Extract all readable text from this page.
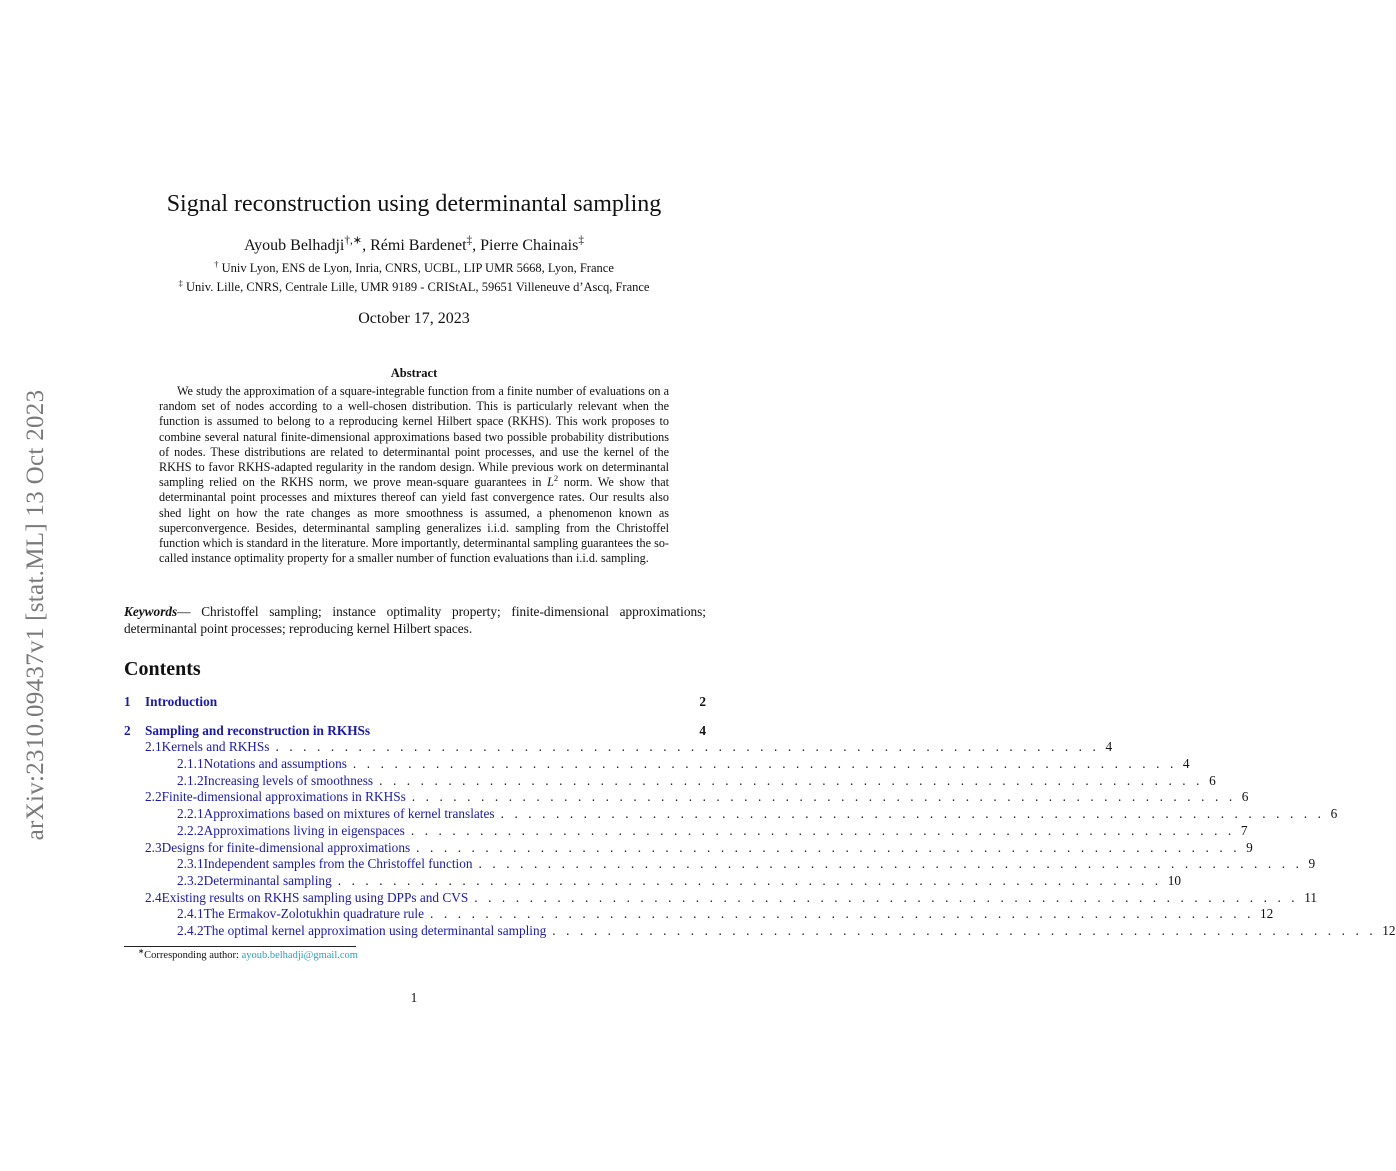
arXiv:2310.09437v1 [stat.ML] 13 Oct 2023
Signal reconstruction using determinantal sampling
Ayoub Belhadji†,∗, Rémi Bardenet‡, Pierre Chainais‡
† Univ Lyon, ENS de Lyon, Inria, CNRS, UCBL, LIP UMR 5668, Lyon, France
‡ Univ. Lille, CNRS, Centrale Lille, UMR 9189 - CRIStAL, 59651 Villeneuve d’Ascq, France
October 17, 2023
Abstract
We study the approximation of a square-integrable function from a finite number of evaluations on a random set of nodes according to a well-chosen distribution. This is particularly relevant when the function is assumed to belong to a reproducing kernel Hilbert space (RKHS). This work proposes to combine several natural finite-dimensional approximations based two possible probability distributions of nodes. These distributions are related to determinantal point processes, and use the kernel of the RKHS to favor RKHS-adapted regularity in the random design. While previous work on determinantal sampling relied on the RKHS norm, we prove mean-square guarantees in $L^2$ norm. We show that determinantal point processes and mixtures thereof can yield fast convergence rates. Our results also shed light on how the rate changes as more smoothness is assumed, a phenomenon known as superconvergence. Besides, determinantal sampling generalizes i.i.d. sampling from the Christoffel function which is standard in the literature. More importantly, determinantal sampling guarantees the so-called instance optimality property for a smaller number of function evaluations than i.i.d. sampling.
Keywords— Christoffel sampling; instance optimality property; finite-dimensional approximations; determinantal point processes; reproducing kernel Hilbert spaces.
Contents
1	Introduction	2
2	Sampling and reconstruction in RKHSs	4
2.1 Kernels and RKHSs . . . . . . . . . . . . . . . . . . . . . . . . . . . . . . . . . . . . . . . . . . . . . . . . . . . . . . . . . . . . 4
2.1.1 Notations and assumptions . . . . . . . . . . . . . . . . . . . . . . . . . . . . . . . . . . . . . . . . . . . . . . . . . . . . . . . . . . . . 4
2.1.2 Increasing levels of smoothness . . . . . . . . . . . . . . . . . . . . . . . . . . . . . . . . . . . . . . . . . . . . . . . . . . . . . . . . . . . . 6
2.2 Finite-dimensional approximations in RKHSs . . . . . . . . . . . . . . . . . . . . . . . . . . . . . . . . . . . . . . . . . . . . . . . . . . . . . . . . . . . . 6
2.2.1 Approximations based on mixtures of kernel translates . . . . . . . . . . . . . . . . . . . . . . . . . . . . . . . . . . . . . . . . . . . . . . . . . . . . . . . . . . . . 6
2.2.2 Approximations living in eigenspaces . . . . . . . . . . . . . . . . . . . . . . . . . . . . . . . . . . . . . . . . . . . . . . . . . . . . . . . . . . . . 7
2.3 Designs for finite-dimensional approximations . . . . . . . . . . . . . . . . . . . . . . . . . . . . . . . . . . . . . . . . . . . . . . . . . . . . . . . . . . . . 9
2.3.1 Independent samples from the Christoffel function . . . . . . . . . . . . . . . . . . . . . . . . . . . . . . . . . . . . . . . . . . . . . . . . . . . . . . . . . . . . 9
2.3.2 Determinantal sampling . . . . . . . . . . . . . . . . . . . . . . . . . . . . . . . . . . . . . . . . . . . . . . . . . . . . . . . . . . . . 10
2.4 Existing results on RKHS sampling using DPPs and CVS . . . . . . . . . . . . . . . . . . . . . . . . . . . . . . . . . . . . . . . . . . . . . . . . . . . . . . . . . . . . 11
2.4.1 The Ermakov-Zolotukhin quadrature rule . . . . . . . . . . . . . . . . . . . . . . . . . . . . . . . . . . . . . . . . . . . . . . . . . . . . . . . . . . . . 12
2.4.2 The optimal kernel approximation using determinantal sampling . . . . . . . . . . . . . . . . . . . . . . . . . . . . . . . . . . . . . . . . . . . . . . . . . . . . . . . . . . . . 12
∗Corresponding author: ayoub.belhadji@gmail.com
1
